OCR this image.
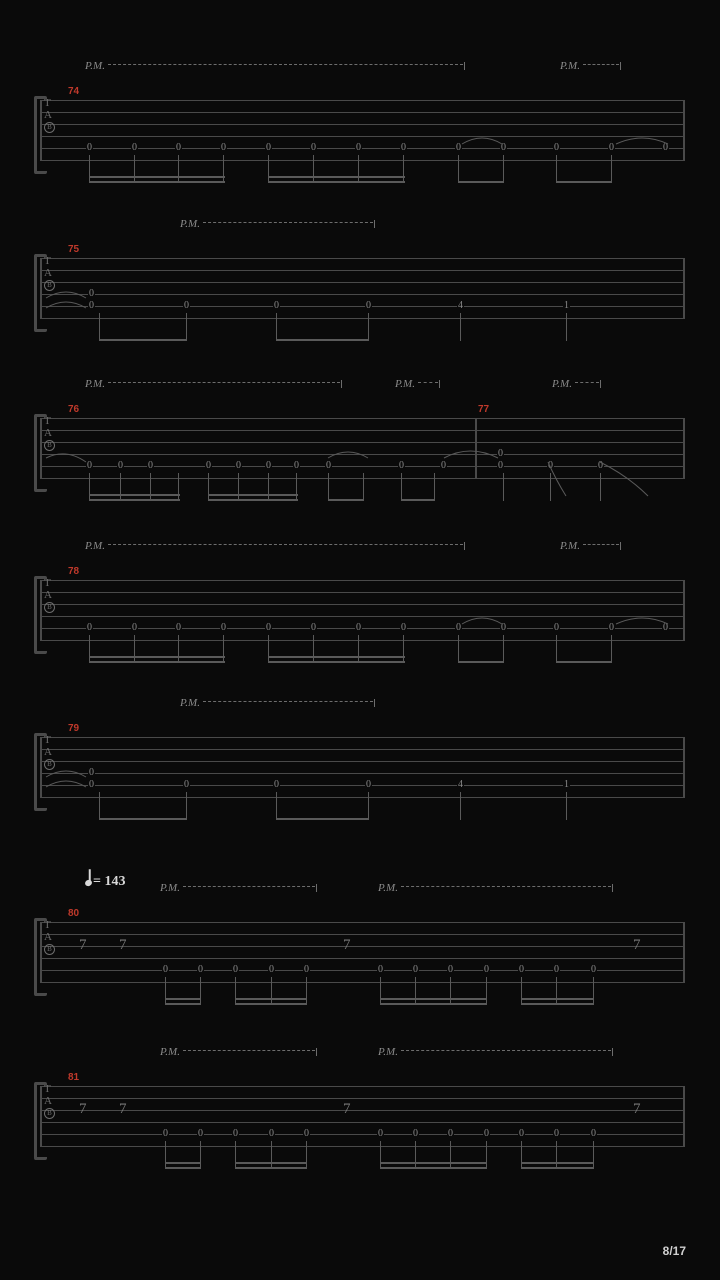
P.M.	P.M.
74
T
A
B
0	0	0	0	0	0	0	0	0	0	0	0	0
P.M.
75
T
A
B
0
0	0	0	0	4	1
P.M.	P.M.	P.M.
76	77
T
A
B
0	0	0	0	0	0 0	0	0	0
0
0	0	0
P.M.	P.M.
78
T
A
B
0	0	0	0	0	0	0	0	0	0	0	0	0
P.M.
79
T
A
B
0
0	0	0	0	4	1
= 143	P.M.	P.M.
80
T
A
B 7 7	7	7
0	0	0	0	0	0	0	0	0	0	0	0
P.M.	P.M.
81
T
A
B 7 7	7	7
0	0	0	0	0	0	0	0	0	0	0	0
8/17
